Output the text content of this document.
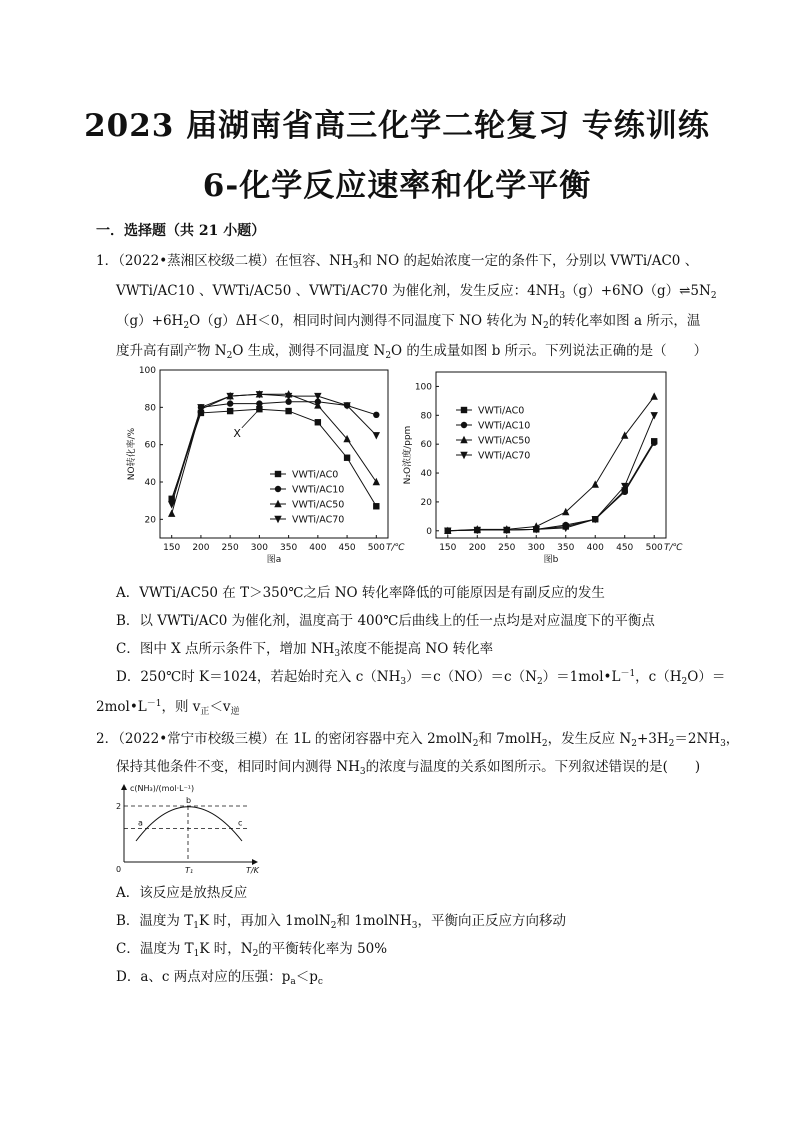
2023 届湖南省高三化学二轮复习 专练训练
6-化学反应速率和化学平衡
一．选择题（共 21 小题）
1．（2022•蒸湘区校级二模）在恒容、$NH_3$和 NO 的起始浓度一定的条件下，分别以 VWTi/AC0 、
VWTi/AC10 、VWTi/AC50 、VWTi/AC70 为催化剂，发生反应：$4NH_3(g)+6NO(g)\rightleftharpoons 5N_2$
$(g)+6H_2O(g)\Delta H<0$，相同时间内测得不同温度下 NO 转化为 $N_2$的转化率如图 a 所示，温
度升高有副产物 $N_2O$ 生成，测得不同温度 $N_2O$ 的生成量如图 b 所示。下列说法正确的是（　　）
150 200 250 300 350 400 450 500
20
40
60
80
100
T/℃
NO转化率/%
图a
VWTi/AC0
VWTi/AC10
VWTi/AC50
VWTi/AC70
X
150 200 250 300 350 400 450 500
0
20
40
60
80
100
T/℃
N₂O浓度/ppm
图b
VWTi/AC0
VWTi/AC10
VWTi/AC50
VWTi/AC70
A．VWTi/AC50 在 T＞350℃之后 NO 转化率降低的可能原因是有副反应的发生
B．以 VWTi/AC0 为催化剂，温度高于 400℃后曲线上的任一点均是对应温度下的平衡点
C．图中 X 点所示条件下，增加 $NH_3$浓度不能提高 NO 转化率
D．250℃时 K＝1024，若起始时充入 $c(NH_3)=c(NO)=c(N_2)=1mol•L^{-1}$，$c(H_2O)=$
$2mol•L^{-1}$，则 $v_正<v_逆$
2．（2022•常宁市校级三模）在 1L 的密闭容器中充入 2molN$_2$和 7molH$_2$，发生反应 $N_2+3H_2=2NH_3$，
保持其他条件不变，相同时间内测得 $NH_3$的浓度与温度的关系如图所示。下列叙述错误的是(　　)
c(NH₃)/(mol·L⁻¹)
T/K
0
2
T₁
a
b
c
A．该反应是放热反应
B．温度为 $T_1K$ 时，再加入 1molN$_2$和 1molNH$_3$，平衡向正反应方向移动
C．温度为 $T_1K$ 时，$N_2$的平衡转化率为 50%
D．a、c 两点对应的压强：$p_a<p_c$
